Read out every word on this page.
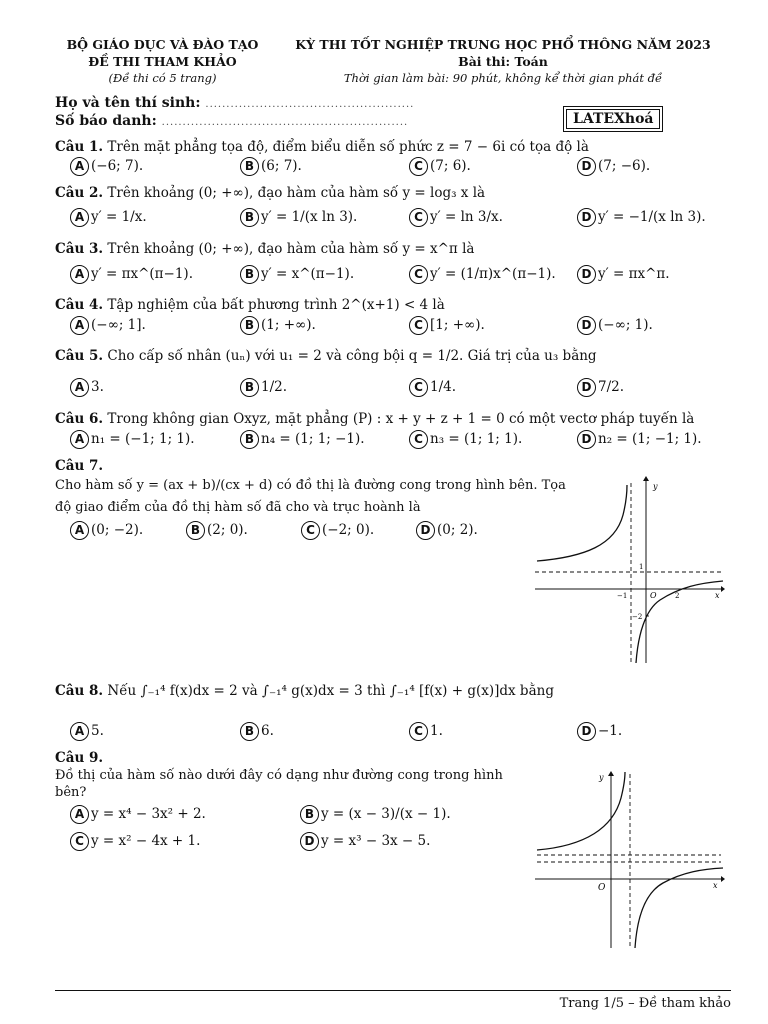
BỘ GIÁO DỤC VÀ ĐÀO TẠO
ĐỀ THI THAM KHẢO
(Đề thi có 5 trang)
KỲ THI TỐT NGHIỆP TRUNG HỌC PHỔ THÔNG NĂM 2023
Bài thi: Toán
Thời gian làm bài: 90 phút, không kể thời gian phát đề
Họ và tên thí sinh: ..................................................
Số báo danh: ...........................................................	LATEXhoá
Câu 1. Trên mặt phẳng tọa độ, điểm biểu diễn số phức z = 7 − 6i có tọa độ là
A (−6; 7).	B (6; 7).	C (7; 6).	D (7; −6).
Câu 2. Trên khoảng (0; +∞), đạo hàm của hàm số y = log₃ x là
A y′ = 1/x.	B y′ = 1/(x ln 3).	C y′ = ln 3/x.	D y′ = −1/(x ln 3).
Câu 3. Trên khoảng (0; +∞), đạo hàm của hàm số y = x^π là
A y′ = πx^(π−1).	B y′ = x^(π−1).	C y′ = (1/π)x^(π−1).	D y′ = πx^π.
Câu 4. Tập nghiệm của bất phương trình 2^(x+1) < 4 là
A (−∞; 1].	B (1; +∞).	C [1; +∞).	D (−∞; 1).
Câu 5. Cho cấp số nhân (uₙ) với u₁ = 2 và công bội q = 1/2. Giá trị của u₃ bằng
A 3.	B 1/2.	C 1/4.	D 7/2.
Câu 6. Trong không gian Oxyz, mặt phẳng (P) : x + y + z + 1 = 0 có một vectơ pháp tuyến là
A n₁ = (−1; 1; 1).	B n₄ = (1; 1; −1).	C n₃ = (1; 1; 1).	D n₂ = (1; −1; 1).
Câu 7.
Cho hàm số y = (ax + b)/(cx + d) có đồ thị là đường cong trong hình bên. Tọa
độ giao điểm của đồ thị hàm số đã cho và trục hoành là
A (0; −2).	B (2; 0).	C (−2; 0).	D (0; 2).
y
x
O
−1	2
1
−2
Câu 8. Nếu ∫₋₁⁴ f(x)dx = 2 và ∫₋₁⁴ g(x)dx = 3 thì ∫₋₁⁴ [f(x) + g(x)]dx bằng
A 5.	B 6.	C 1.	D −1.
Câu 9.
Đồ thị của hàm số nào dưới đây có dạng như đường cong trong hình
bên?
A y = x⁴ − 3x² + 2.	B y = (x − 3)/(x − 1).
C y = x² − 4x + 1.	D y = x³ − 3x − 5.
y
x
O
Trang 1/5 – Đề tham khảo
